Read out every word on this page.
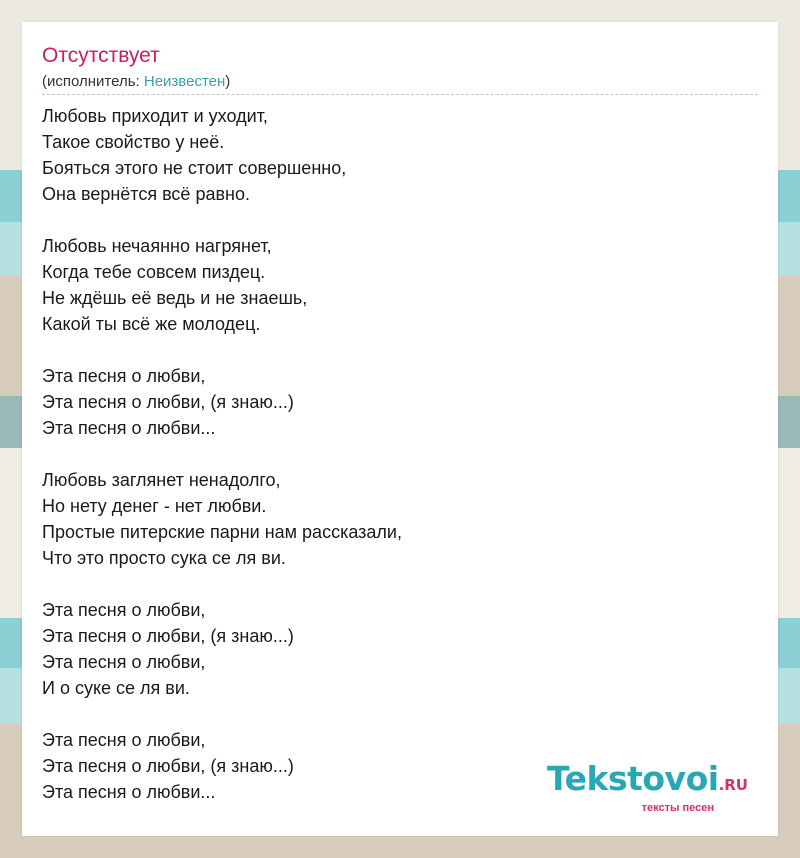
Отсутствует
(исполнитель: Неизвестен)
Любовь приходит и уходит,
Такое свойство у неё.
Бояться этого не стоит совершенно,
Она вернётся всё равно.
Любовь нечаянно нагрянет,
Когда тебе совсем пиздец.
Не ждёшь её ведь и не знаешь,
Какой ты всё же молодец.
Эта песня о любви,
Эта песня о любви, (я знаю...)
Эта песня о любви...
Любовь заглянет ненадолго,
Но нету денег - нет любви.
Простые питерские парни нам рассказали,
Что это просто сука се ля ви.
Эта песня о любви,
Эта песня о любви, (я знаю...)
Эта песня о любви,
И о суке се ля ви.
Эта песня о любви,
Эта песня о любви, (я знаю...)
Эта песня о любви...	Tekstovoi.RU
тексты песен
